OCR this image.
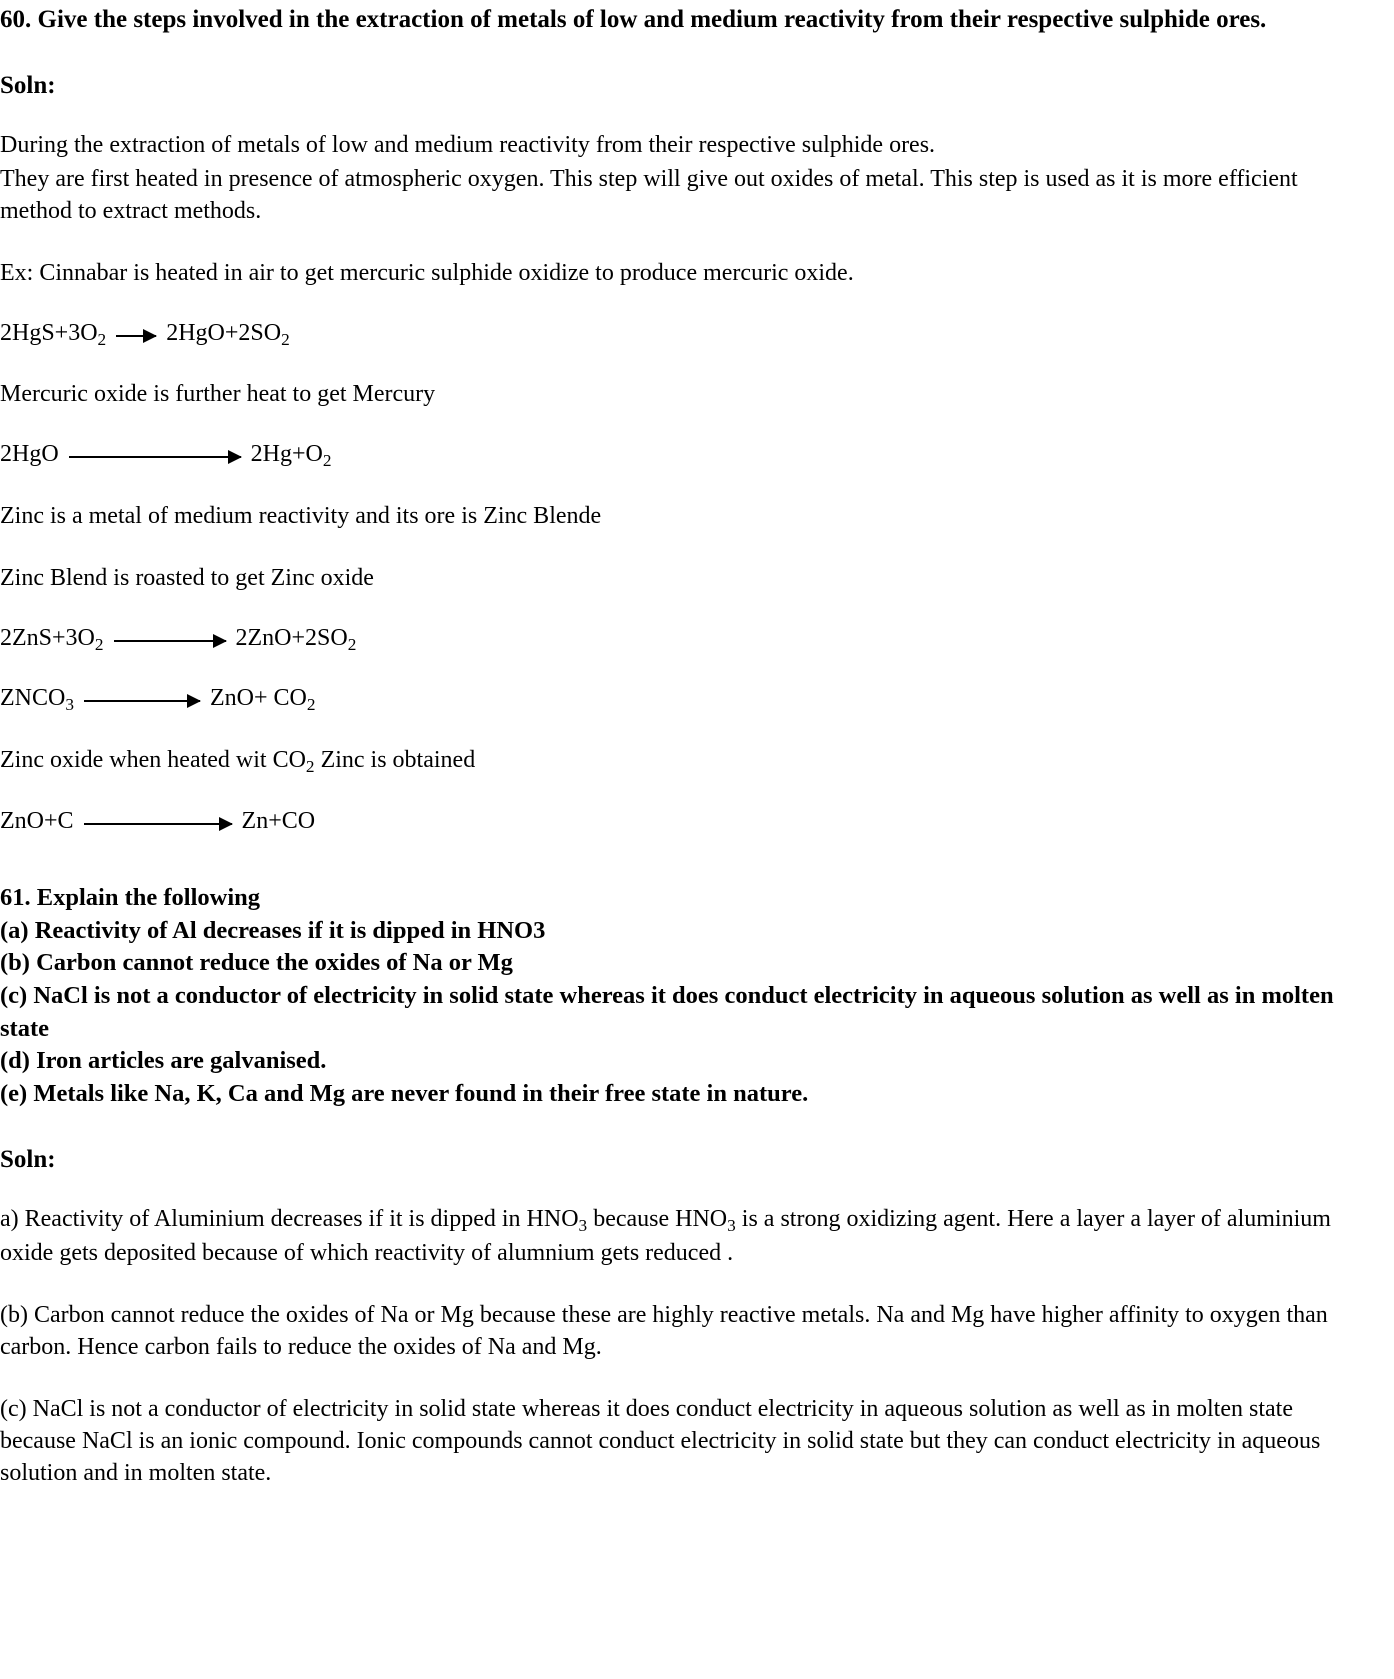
60. Give the steps involved in the extraction of metals of low and medium reactivity from their respective sulphide ores.
Soln:

During the extraction of metals of low and medium reactivity from their respective sulphide ores.

They are first heated in presence of atmospheric oxygen. This step will give out oxides of metal. This step is used as it is more efficient method to extract methods.

Ex: Cinnabar is heated in air to get mercuric sulphide oxidize to produce mercuric oxide.

$2HgS+3O_2$	$2HgO+2SO_2$

Mercuric oxide is further heat to get Mercury

2HgO	$2Hg+O_2$

Zinc is a metal of medium reactivity and its ore is Zinc Blende

Zinc Blend is roasted to get Zinc oxide

$2ZnS+3O_2$	$2ZnO+2SO_2$
$ZNCO_3$	$ZnO+ CO_2$

Zinc oxide when heated wit $CO_2$ Zinc is obtained

ZnO+C	Zn+CO
61. Explain the following
(a) Reactivity of Al decreases if it is dipped in HNO3
(b) Carbon cannot reduce the oxides of Na or Mg
(c) NaCl is not a conductor of electricity in solid state whereas it does conduct electricity in aqueous solution as well as in molten state
(d) Iron articles are galvanised.
(e) Metals like Na, K, Ca and Mg are never found in their free state in nature.
Soln:

a) Reactivity of Aluminium decreases if it is dipped in $HNO_3$ because $HNO_3$ is a strong oxidizing agent. Here a layer a layer of aluminium oxide gets deposited because of which reactivity of alumnium gets reduced .

(b) Carbon cannot reduce the oxides of Na or Mg because these are highly reactive metals. Na and Mg have higher affinity to oxygen than carbon. Hence carbon fails to reduce the oxides of Na and Mg.

(c) NaCl is not a conductor of electricity in solid state whereas it does conduct electricity in aqueous solution as well as in molten state because NaCl is an ionic compound. Ionic compounds cannot conduct electricity in solid state but they can conduct electricity in aqueous solution and in molten state.
